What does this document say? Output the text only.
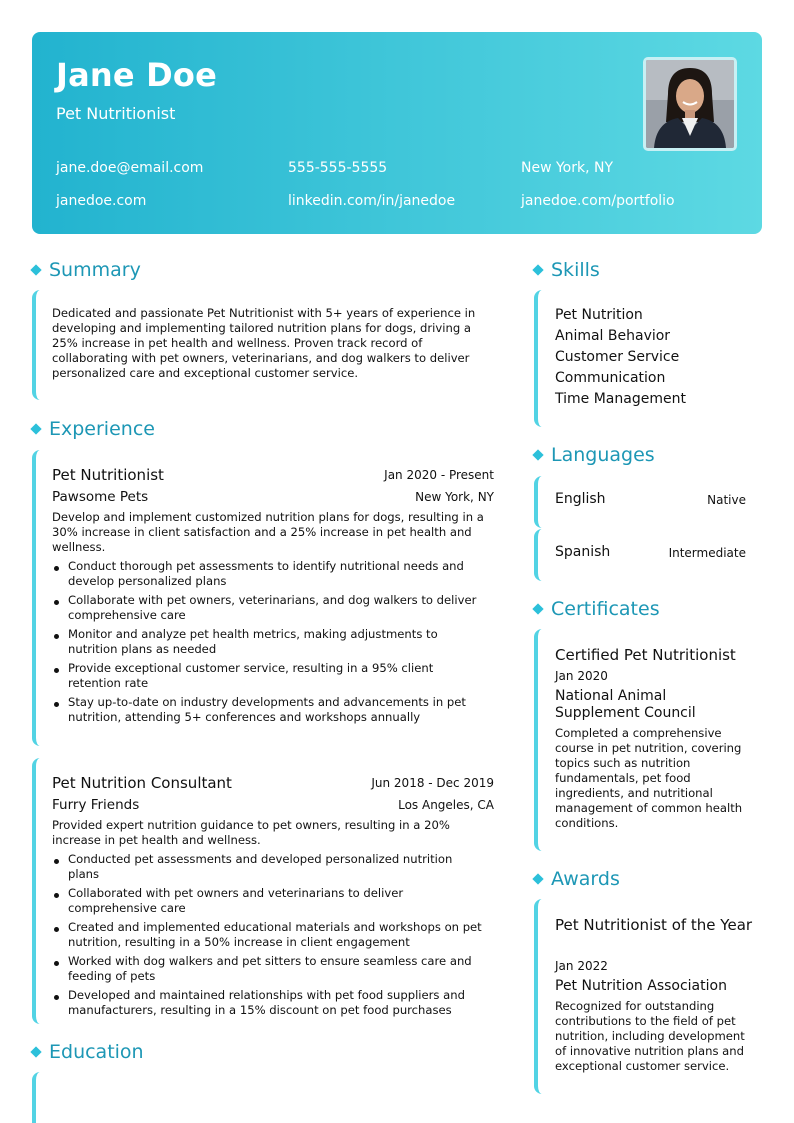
Jane Doe
Pet Nutritionist
jane.doe@email.com	555-555-5555	New York, NY
janedoe.com	linkedin.com/in/janedoe	janedoe.com/portfolio
Summary
Dedicated and passionate Pet Nutritionist with 5+ years of experience in developing and implementing tailored nutrition plans for dogs, driving a 25% increase in pet health and wellness. Proven track record of collaborating with pet owners, veterinarians, and dog walkers to deliver personalized care and exceptional customer service.
Experience
Pet Nutritionist	Jan 2020 - Present
Pawsome Pets	New York, NY
Develop and implement customized nutrition plans for dogs, resulting in a 30% increase in client satisfaction and a 25% increase in pet health and wellness.
Conduct thorough pet assessments to identify nutritional needs and develop personalized plans
Collaborate with pet owners, veterinarians, and dog walkers to deliver comprehensive care
Monitor and analyze pet health metrics, making adjustments to nutrition plans as needed
Provide exceptional customer service, resulting in a 95% client retention rate
Stay up-to-date on industry developments and advancements in pet nutrition, attending 5+ conferences and workshops annually
Pet Nutrition Consultant	Jun 2018 - Dec 2019
Furry Friends	Los Angeles, CA
Provided expert nutrition guidance to pet owners, resulting in a 20% increase in pet health and wellness.
Conducted pet assessments and developed personalized nutrition plans
Collaborated with pet owners and veterinarians to deliver comprehensive care
Created and implemented educational materials and workshops on pet nutrition, resulting in a 50% increase in client engagement
Worked with dog walkers and pet sitters to ensure seamless care and feeding of pets
Developed and maintained relationships with pet food suppliers and manufacturers, resulting in a 15% discount on pet food purchases
Education
Skills
Pet Nutrition
Animal Behavior
Customer Service
Communication
Time Management
Languages
English	Native
Spanish	Intermediate
Certificates
Certified Pet Nutritionist
Jan 2020
National Animal Supplement Council
Completed a comprehensive course in pet nutrition, covering topics such as nutrition fundamentals, pet food ingredients, and nutritional management of common health conditions.
Awards
Pet Nutritionist of the Year
Jan 2022
Pet Nutrition Association
Recognized for outstanding contributions to the field of pet nutrition, including development of innovative nutrition plans and exceptional customer service.
